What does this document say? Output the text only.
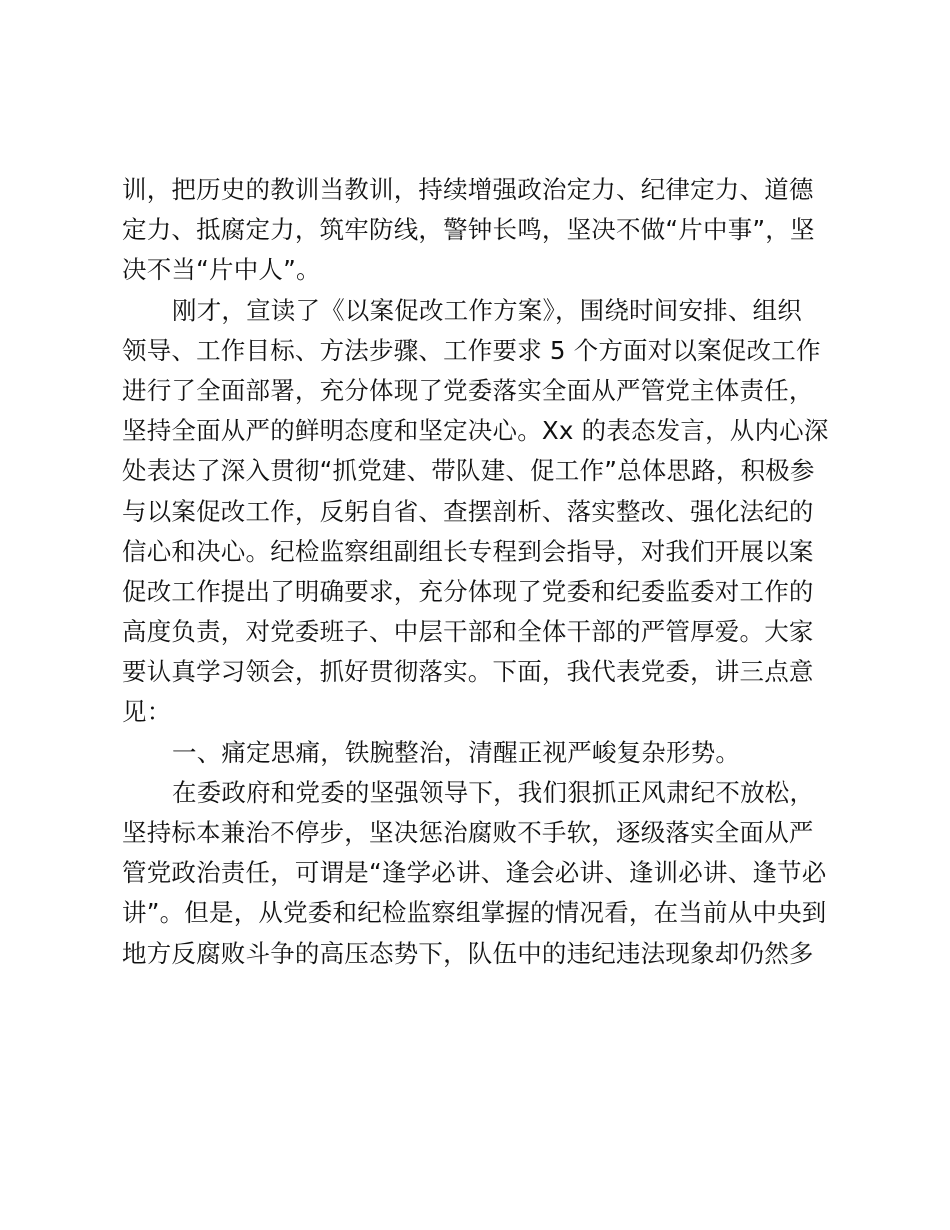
训，把历史的教训当教训，持续增强政治定力、纪律定力、道德
定力、抵腐定力，筑牢防线，警钟长鸣，坚决不做“片中事”，坚
决不当“片中人”。
刚才，宣读了《以案促改工作方案》，围绕时间安排、组织
领导、工作目标、方法步骤、工作要求 5 个方面对以案促改工作
进行了全面部署，充分体现了党委落实全面从严管党主体责任，
坚持全面从严的鲜明态度和坚定决心。Xx 的表态发言，从内心深
处表达了深入贯彻“抓党建、带队建、促工作”总体思路，积极参
与以案促改工作，反躬自省、查摆剖析、落实整改、强化法纪的
信心和决心。纪检监察组副组长专程到会指导，对我们开展以案
促改工作提出了明确要求，充分体现了党委和纪委监委对工作的
高度负责，对党委班子、中层干部和全体干部的严管厚爱。大家
要认真学习领会，抓好贯彻落实。下面，我代表党委，讲三点意
见：
一、痛定思痛，铁腕整治，清醒正视严峻复杂形势。
在委政府和党委的坚强领导下，我们狠抓正风肃纪不放松，
坚持标本兼治不停步，坚决惩治腐败不手软，逐级落实全面从严
管党政治责任，可谓是“逢学必讲、逢会必讲、逢训必讲、逢节必
讲”。但是，从党委和纪检监察组掌握的情况看，在当前从中央到
地方反腐败斗争的高压态势下，队伍中的违纪违法现象却仍然多
